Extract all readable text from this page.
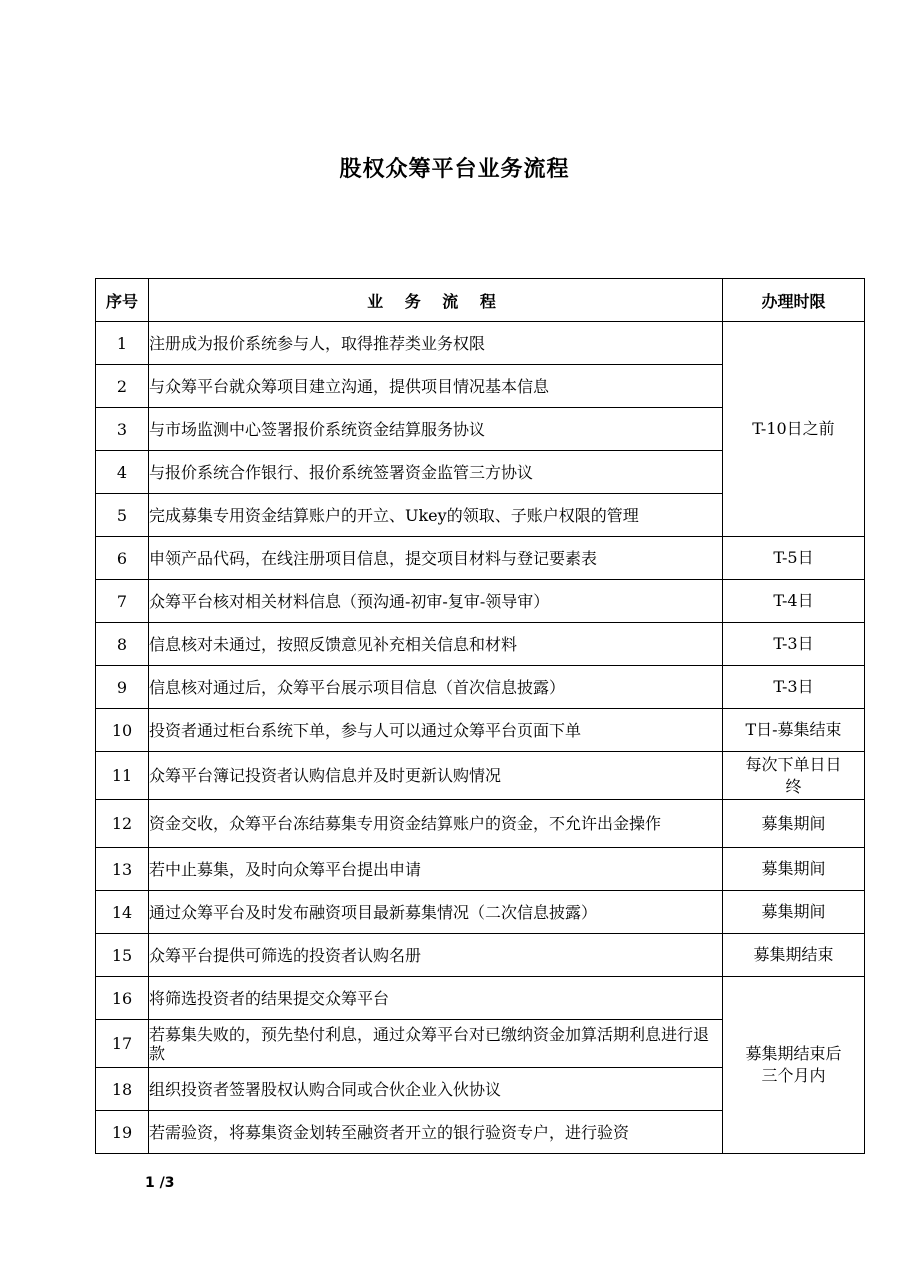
股权众筹平台业务流程
序号	业 务 流 程	办理时限
1	注册成为报价系统参与人，取得推荐类业务权限	T-10日之前
2	与众筹平台就众筹项目建立沟通，提供项目情况基本信息	
3	与市场监测中心签署报价系统资金结算服务协议	
4	与报价系统合作银行、报价系统签署资金监管三方协议	
5	完成募集专用资金结算账户的开立、Ukey的领取、子账户权限的管理	
6	申领产品代码，在线注册项目信息，提交项目材料与登记要素表	T-5日
7	众筹平台核对相关材料信息（预沟通-初审-复审-领导审）	T-4日
8	信息核对未通过，按照反馈意见补充相关信息和材料	T-3日
9	信息核对通过后，众筹平台展示项目信息（首次信息披露）	T-3日
10	投资者通过柜台系统下单，参与人可以通过众筹平台页面下单	T日-募集结束
11	众筹平台簿记投资者认购信息并及时更新认购情况	每次下单日日终
12	资金交收，众筹平台冻结募集专用资金结算账户的资金，不允许出金操作	募集期间
13	若中止募集，及时向众筹平台提出申请	募集期间
14	通过众筹平台及时发布融资项目最新募集情况（二次信息披露）	募集期间
15	众筹平台提供可筛选的投资者认购名册	募集期结束
16	将筛选投资者的结果提交众筹平台	募集期结束后三个月内
17	若募集失败的，预先垫付利息，通过众筹平台对已缴纳资金加算活期利息进行退款	
18	组织投资者签署股权认购合同或合伙企业入伙协议	
19	若需验资，将募集资金划转至融资者开立的银行验资专户，进行验资	
1 /3
